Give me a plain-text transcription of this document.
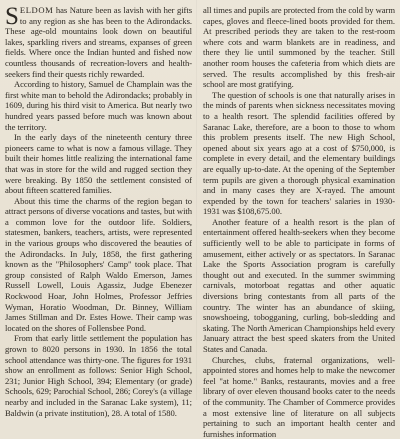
SELDOM has Nature been as lavish with her gifts to any region as she has been to the Adirondacks. These age-old mountains look down on beautiful lakes, sparkling rivers and streams, expanses of green fields. Where once the Indian hunted and fished now countless thousands of recreation-lovers and health-seekers find their quests richly rewarded.

According to history, Samuel de Champlain was the first white man to behold the Adirondacks; probably in 1609, during his third visit to America. But nearly two hundred years passed before much was known about the territory.

In the early days of the nineteenth century three pioneers came to what is now a famous village. They built their homes little realizing the international fame that was in store for the wild and rugged section they were breaking. By 1850 the settlement consisted of about fifteen scattered families.

About this time the charms of the region began to attract persons of diverse vocations and tastes, but with a common love for the outdoor life. Soldiers, statesmen, bankers, teachers, artists, were represented in the various groups who discovered the beauties of the Adirondacks. In July, 1858, the first gathering known as the "Philosophers' Camp" took place. That group consisted of Ralph Waldo Emerson, James Russell Lowell, Louis Agassiz, Judge Ebenezer Rockwood Hoar, John Holmes, Professor Jeffries Wyman, Horatio Woodman, Dr. Binney, William James Stillman and Dr. Estes Howe. Their camp was located on the shores of Follensbee Pond.

From that early little settlement the population has grown to 8020 persons in 1930. In 1856 the total school attendance was thirty-one. The figures for 1931 show an enrollment as follows: Senior High School, 231; Junior High School, 394; Elementary (or grade) Schools, 629; Parochial School, 286; Corey's (a village nearby and included in the Saranac Lake system), 11; Baldwin (a private institution), 28. A total of 1580.

all times and pupils are protected from the cold by warm capes, gloves and fleece-lined boots provided for them. At prescribed periods they are taken to the rest-room where cots and warm blankets are in readiness, and there they lie until summoned by the teacher. Still another room houses the cafeteria from which diets are served. The results accomplished by this fresh-air school are most gratifying.

The question of schools is one that naturally arises in the minds of parents when sickness necessitates moving to a health resort. The splendid facilities offered by Saranac Lake, therefore, are a boon to those to whom this problem presents itself. The new High School, opened about six years ago at a cost of $750,000, is complete in every detail, and the elementary buildings are equally up-to-date. At the opening of the September term pupils are given a thorough physical examination and in many cases they are X-rayed. The amount expended by the town for teachers' salaries in 1930-1931 was $108,675.00.

Another feature of a health resort is the plan of entertainment offered health-seekers when they become sufficiently well to be able to participate in forms of amusement, either actively or as spectators. In Saranac Lake the Sports Association program is carefully thought out and executed. In the summer swimming carnivals, motorboat regattas and other aquatic diversions bring contestants from all parts of the country. The winter has an abundance of skiing, snowshoeing, tobogganing, curling, bob-sledding and skating. The North American Championships held every January attract the best speed skaters from the United States and Canada.

Churches, clubs, fraternal organizations, well-appointed stores and homes help to make the newcomer feel "at home." Banks, restaurants, movies and a free library of over eleven thousand books cater to the needs of the community. The Chamber of Commerce provides a most extensive line of literature on all subjects pertaining to such an important health center and furnishes information
